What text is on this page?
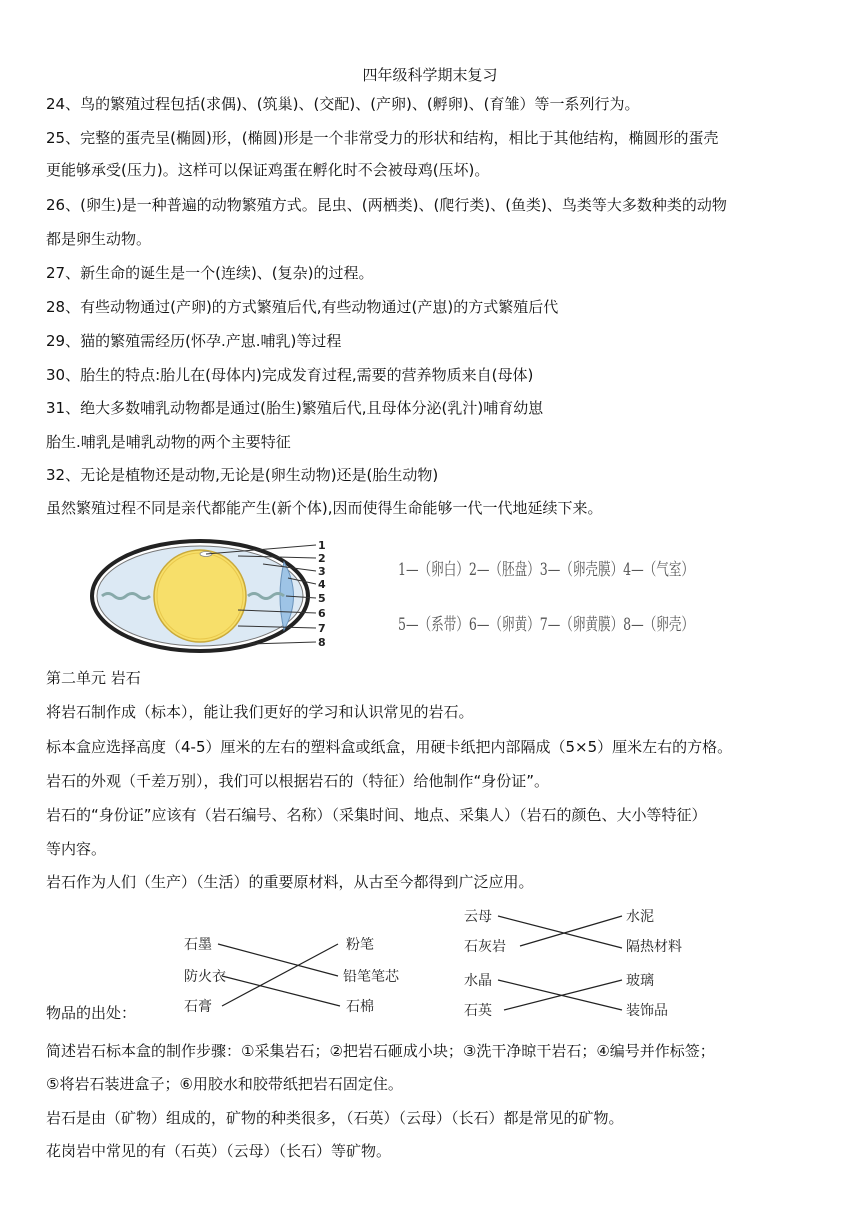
四年级科学期末复习
24、鸟的繁殖过程包括(求偶)、(筑巢)、(交配)、(产卵)、(孵卵)、(育雏）等一系列行为。
25、完整的蛋壳呈(椭圆)形，(椭圆)形是一个非常受力的形状和结构，相比于其他结构，椭圆形的蛋壳
更能够承受(压力)。这样可以保证鸡蛋在孵化时不会被母鸡(压坏)。
26、(卵生)是一种普遍的动物繁殖方式。昆虫、(两栖类)、(爬行类)、(鱼类)、鸟类等大多数种类的动物
都是卵生动物。
27、新生命的诞生是一个(连续)、(复杂)的过程。
28、有些动物通过(产卵)的方式繁殖后代,有些动物通过(产崽)的方式繁殖后代
29、猫的繁殖需经历(怀孕.产崽.哺乳)等过程
30、胎生的特点:胎儿在(母体内)完成发育过程,需要的营养物质来自(母体)
31、绝大多数哺乳动物都是通过(胎生)繁殖后代,且母体分泌(乳汁)哺育幼崽
胎生.哺乳是哺乳动物的两个主要特征
32、无论是植物还是动物,无论是(卵生动物)还是(胎生动物)
虽然繁殖过程不同是亲代都能产生(新个体),因而使得生命能够一代一代地延续下来。
1
2
3
4
5
6
7
8
1—（卵白）2—（胚盘）3—（卵壳膜）4—（气室）
5—（系带）6—（卵黄）7—（卵黄膜）8—（卵壳）
第二单元 岩石
将岩石制作成（标本），能让我们更好的学习和认识常见的岩石。
标本盒应选择高度（4-5）厘米的左右的塑料盒或纸盒，用硬卡纸把内部隔成（5×5）厘米左右的方格。
岩石的外观（千差万别），我们可以根据岩石的（特征）给他制作“身份证”。
岩石的“身份证”应该有（岩石编号、名称）（采集时间、地点、采集人）（岩石的颜色、大小等特征）
等内容。
岩石作为人们（生产）（生活）的重要原材料，从古至今都得到广泛应用。
石墨
防火衣
石膏
粉笔
铅笔笔芯
石棉
云母
石灰岩
水晶
石英
水泥
隔热材料
玻璃
装饰品
物品的出处：
简述岩石标本盒的制作步骤：①采集岩石；②把岩石砸成小块；③洗干净晾干岩石；④编号并作标签；
⑤将岩石装进盒子；⑥用胶水和胶带纸把岩石固定住。
岩石是由（矿物）组成的，矿物的种类很多，（石英）（云母）（长石）都是常见的矿物。
花岗岩中常见的有（石英）（云母）（长石）等矿物。
